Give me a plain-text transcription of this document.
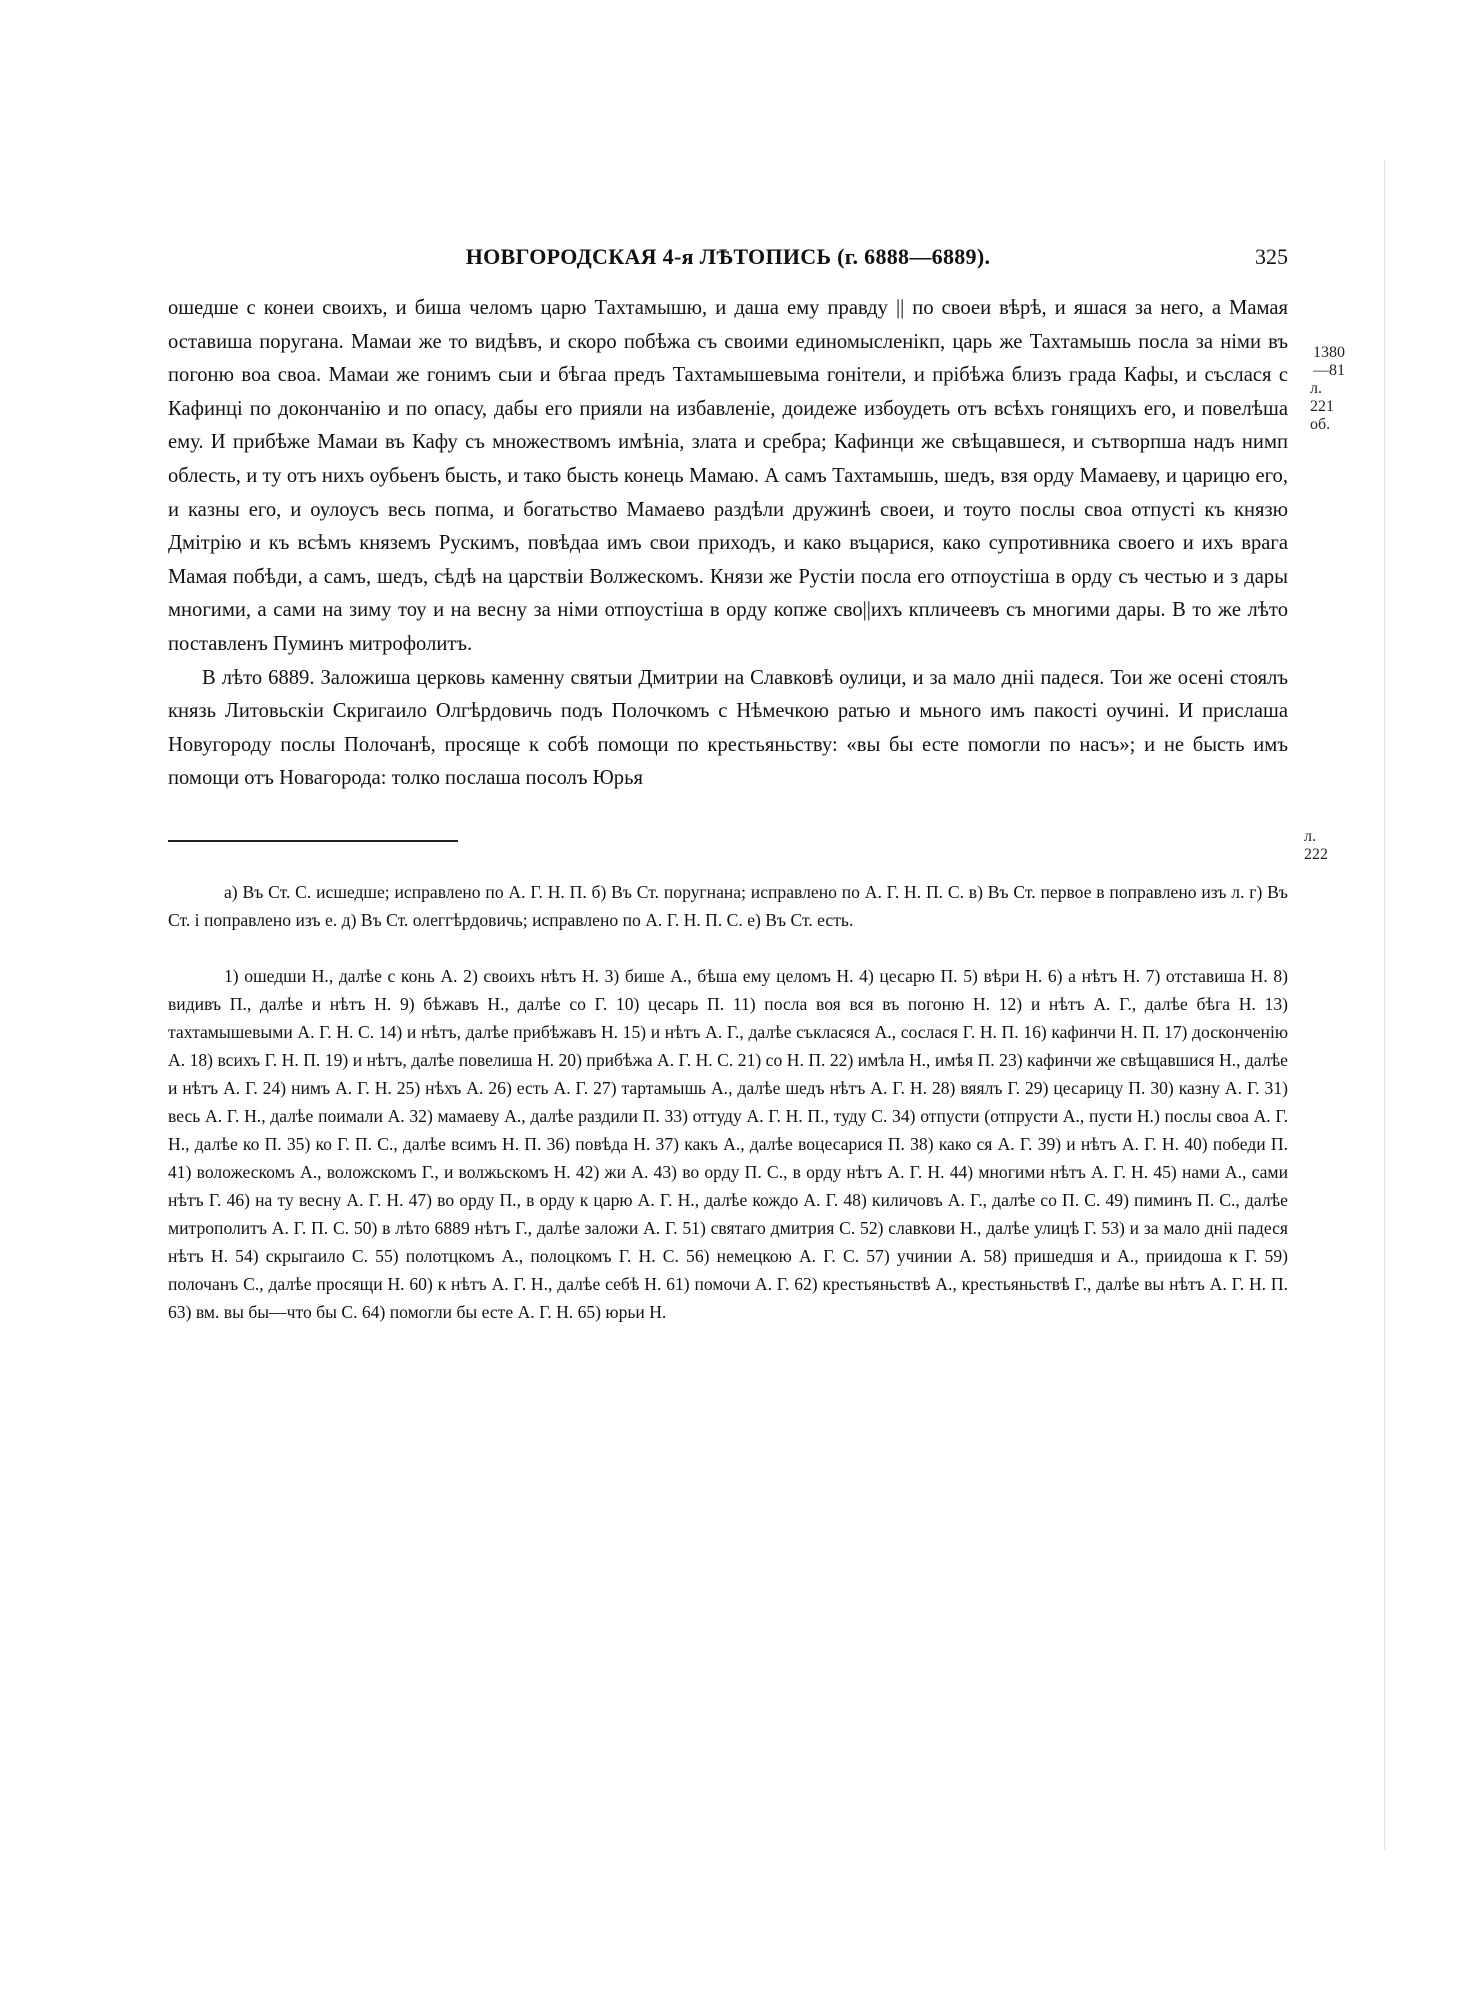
НОВГОРОДСКАЯ 4-я ЛѢТОПИСЬ (г. 6888—6889).	325
1380
—81
л. 221 об.
л. 222

ошедше с конеи своихъ, и биша челомъ царю Тахтамышю, и даша ему правду || по своеи вѣрѣ, и яшася за него, а Мамая оставиша поругана. Мамаи же то видѣвъ, и скоро побѣжа съ своими единомысленікп, царь же Тахтамышь посла за німи въ погоню воа своа. Мамаи же гонимъ сыи и бѣгаа предъ Тахтамышевыма гонітели, и прібѣжа близъ града Кафы, и съслася с Кафинці по докончанію и по опасу, дабы его прияли на избавленіе, доидеже избоудеть отъ всѣхъ гонящихъ его, и повелѣша ему. И прибѣже Мамаи въ Кафу съ множествомъ имѣніа, злата и сребра; Кафинци же свѣщавшеся, и сътворпша надъ нимп облесть, и ту отъ нихъ оубьенъ бысть, и тако бысть конець Мамаю. А самъ Тахтамышь, шедъ, взя орду Мамаеву, и царицю его, и казны его, и оулоусъ весь попма, и богатьство Мамаево раздѣли дружинѣ своеи, и тоуто послы своа отпусті къ князю Дмітрію и къ всѣмъ княземъ Рускимъ, повѣдаа имъ свои приходъ, и како въцарися, како супротивника своего и ихъ врага Мамая побѣди, а самъ, шедъ, сѣдѣ на царствіи Волжескомъ. Князи же Рустіи посла его отпоустіша в орду съ честью и з дары многими, а сами на зиму тоу и на весну за німи отпоустіша в орду копже сво||ихъ кпличеевъ съ многими дары. В то же лѣто поставленъ Пуминъ митрофолитъ.

В лѣто 6889. Заложиша церковь каменну святыи Дмитрии на Славковѣ оулици, и за мало дніі падеся. Тои же осені стоялъ князь Литовьскіи Скригаило Олгѣрдовичь подъ Полочкомъ с Нѣмечкою ратью и мьного имъ пакості оучині. И прислаша Новугороду послы Полочанѣ, просяще к собѣ помощи по крестьяньству: «вы бы есте помогли по насъ»; и не бысть имъ помощи отъ Новагорода: толко послаша посолъ Юрья

а) Въ Ст. С. исшедше; исправлено по А. Г. Н. П. б) Въ Ст. поругнана; исправлено по А. Г. Н. П. С. в) Въ Ст. первое в поправлено изъ л. г) Въ Ст. і поправлено изъ е. д) Въ Ст. олеггѣрдовичь; исправлено по А. Г. Н. П. С. е) Въ Ст. есть.

1) ошедши Н., далѣе с конь А. 2) своихъ нѣтъ Н. 3) бише А., бѣша ему целомъ Н. 4) цесарю П. 5) вѣри Н. 6) а нѣтъ Н. 7) отставиша Н. 8) видивъ П., далѣе и нѣтъ Н. 9) бѣжавъ Н., далѣе со Г. 10) цесарь П. 11) посла воя вся въ погоню Н. 12) и нѣтъ А. Г., далѣе бѣга Н. 13) тахтамышевыми А. Г. Н. С. 14) и нѣтъ, далѣе прибѣжавъ Н. 15) и нѣтъ А. Г., далѣе съкласяся А., сослася Г. Н. П. 16) кафинчи Н. П. 17) досконченію А. 18) всихъ Г. Н. П. 19) и нѣтъ, далѣе повелиша Н. 20) прибѣжа А. Г. Н. С. 21) со Н. П. 22) имѣла Н., имѣя П. 23) кафинчи же свѣщавшися Н., далѣе и нѣтъ А. Г. 24) нимъ А. Г. Н. 25) нѣхъ А. 26) есть А. Г. 27) тартамышь А., далѣе шедъ нѣтъ А. Г. Н. 28) вяялъ Г. 29) цесарицу П. 30) казну А. Г. 31) весь А. Г. Н., далѣе поимали А. 32) мамаеву А., далѣе раздили П. 33) оттуду А. Г. Н. П., туду С. 34) отпусти (отпрусти А., пусти Н.) послы своа А. Г. Н., далѣе ко П. 35) ко Г. П. С., далѣе всимъ Н. П. 36) повѣда Н. 37) какъ А., далѣе воцесарися П. 38) како ся А. Г. 39) и нѣтъ А. Г. Н. 40) победи П. 41) воложескомъ А., воложскомъ Г., и волжьскомъ Н. 42) жи А. 43) во орду П. С., в орду нѣтъ А. Г. Н. 44) многими нѣтъ А. Г. Н. 45) нами А., сами нѣтъ Г. 46) на ту весну А. Г. Н. 47) во орду П., в орду к царю А. Г. Н., далѣе кождо А. Г. 48) киличовъ А. Г., далѣе со П. С. 49) пиминъ П. С., далѣе митрополитъ А. Г. П. С. 50) в лѣто 6889 нѣтъ Г., далѣе заложи А. Г. 51) святаго дмитрия С. 52) славкови Н., далѣе улицѣ Г. 53) и за мало дніі падеся нѣтъ Н. 54) скрыгаило С. 55) полотцкомъ А., полоцкомъ Г. Н. С. 56) немецкою А. Г. С. 57) учинии А. 58) пришедшя и А., приидоша к Г. 59) полочанъ С., далѣе просящи Н. 60) к нѣтъ А. Г. Н., далѣе себѣ Н. 61) помочи А. Г. 62) крестьяньствѣ А., крестьяньствѣ Г., далѣе вы нѣтъ А. Г. Н. П. 63) вм. вы бы—что бы С. 64) помогли бы есте А. Г. Н. 65) юрьи Н.
